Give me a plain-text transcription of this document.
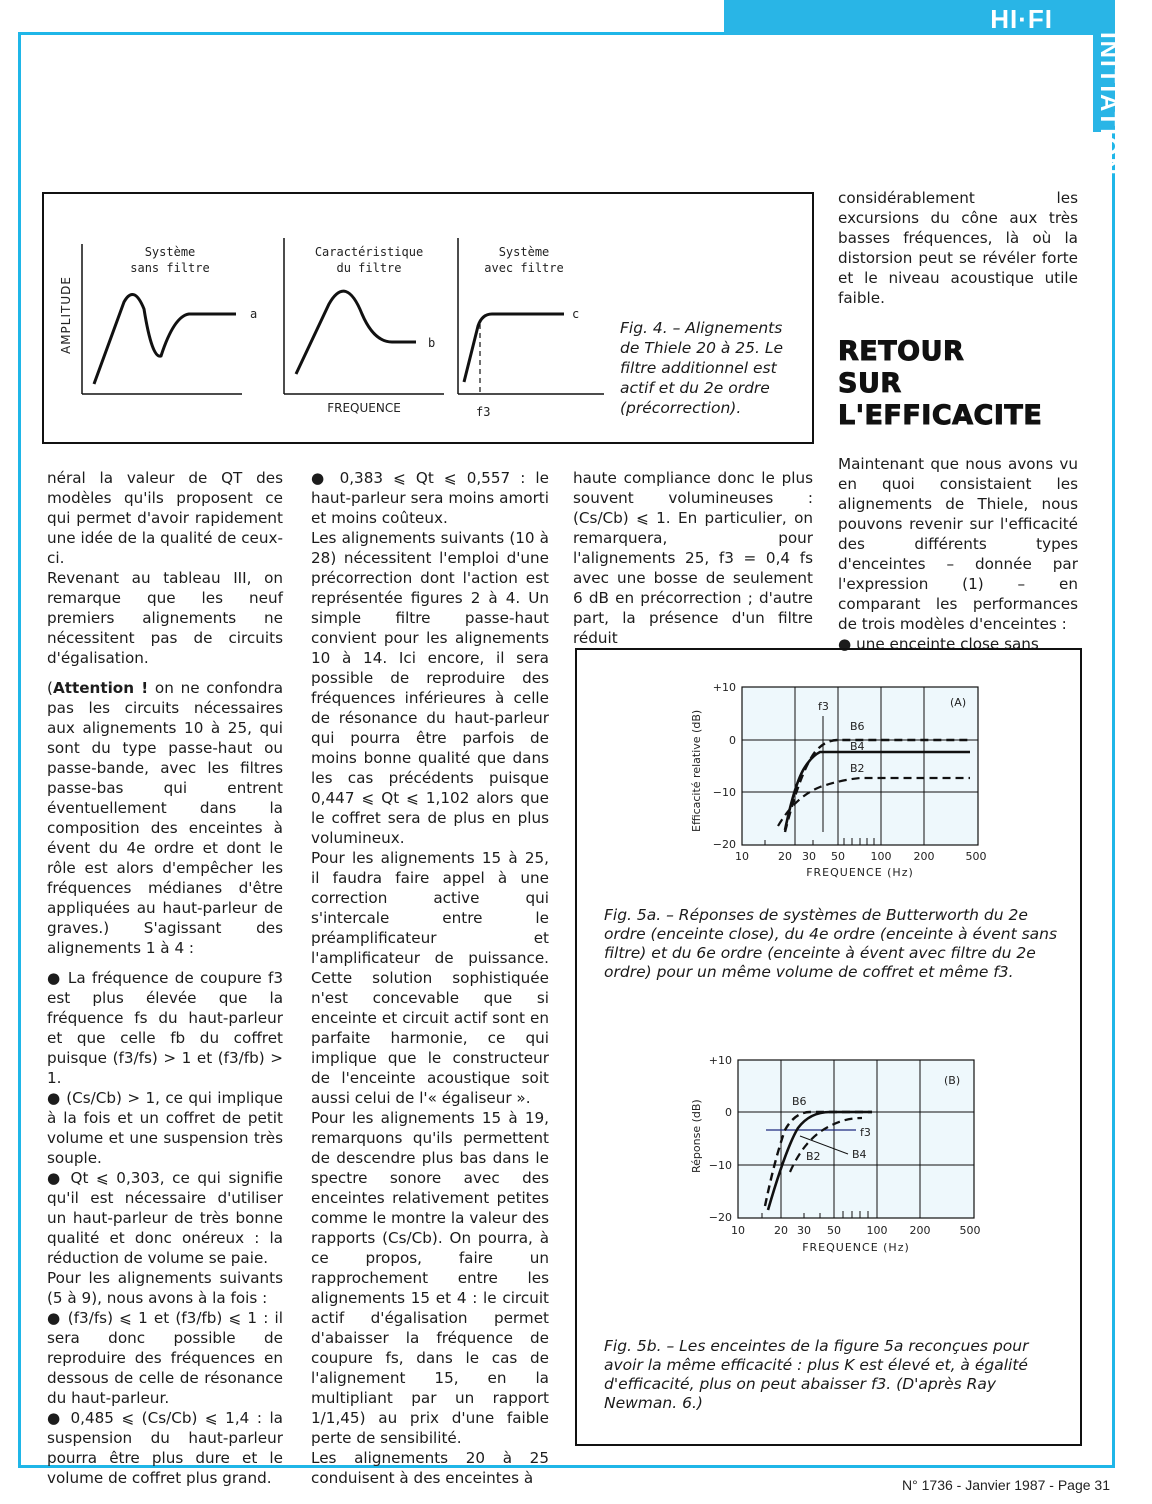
HI·FI
INITIATION
AMPLITUDE
Système
sans filtre
a
Caractéristique
du filtre
b
FREQUENCE
Système
avec filtre
c
f3
Fig. 4. – Alignements de Thiele 20 à 25. Le filtre additionnel est actif et du 2e ordre (précorrection).

néral la valeur de QT des modèles qu'ils proposent ce qui permet d'avoir rapidement une idée de la qualité de ceux-ci.

Revenant au tableau III, on remarque que les neuf premiers alignements ne nécessitent pas de circuits d'égalisation.

(Attention ! on ne confondra pas les circuits nécessaires aux alignements 10 à 25, qui sont du type passe-haut ou passe-bande, avec les filtres passe-bas qui entrent éventuellement dans la composition des enceintes à évent du 4e ordre et dont le rôle est alors d'empêcher les fréquences médianes d'être appliquées au haut-parleur de graves.) S'agissant des alignements 1 à 4 :

● La fréquence de coupure f3 est plus élevée que la fréquence fs du haut-parleur et que celle fb du coffret puisque (f3/fs) > 1 et (f3/fb) > 1.

● (Cs/Cb) > 1, ce qui implique à la fois et un coffret de petit volume et une suspension très souple.

● Qt ⩽ 0,303, ce qui signifie qu'il est nécessaire d'utiliser un haut-parleur de très bonne qualité et donc onéreux : la réduction de volume se paie.

Pour les alignements suivants (5 à 9), nous avons à la fois :

● (f3/fs) ⩽ 1 et (f3/fb) ⩽ 1 : il sera donc possible de reproduire des fréquences en dessous de celle de résonance du haut-parleur.

● 0,485 ⩽ (Cs/Cb) ⩽ 1,4 : la suspension du haut-parleur pourra être plus dure et le volume de coffret plus grand.

● 0,383 ⩽ Qt ⩽ 0,557 : le haut-parleur sera moins amorti et moins coûteux.

Les alignements suivants (10 à 28) nécessitent l'emploi d'une précorrection dont l'action est représentée figures 2 à 4. Un simple filtre passe-haut convient pour les alignements 10 à 14. Ici encore, il sera possible de reproduire des fréquences inférieures à celle de résonance du haut-parleur qui pourra être parfois de moins bonne qualité que dans les cas précédents puisque 0,447 ⩽ Qt ⩽ 1,102 alors que le coffret sera de plus en plus volumineux.

Pour les alignements 15 à 25, il faudra faire appel à une correction active qui s'intercale entre le préamplificateur et l'amplificateur de puissance. Cette solution sophistiquée n'est concevable que si enceinte et circuit actif sont en parfaite harmonie, ce qui implique que le constructeur de l'enceinte acoustique soit aussi celui de l'« égaliseur ».

Pour les alignements 15 à 19, remarquons qu'ils permettent de descendre plus bas dans le spectre sonore avec des enceintes relativement petites comme le montre la valeur des rapports (Cs/Cb). On pourra, à ce propos, faire un rapprochement entre les alignements 15 et 4 : le circuit actif d'égalisation permet d'abaisser la fréquence de coupure fs, dans le cas de l'alignement 15, en la multipliant par un rapport 1/1,45) au prix d'une faible perte de sensibilité.

Les alignements 20 à 25 conduisent à des enceintes à

haute compliance donc le plus souvent volumineuses : (Cs/Cb) ⩽ 1. En particulier, on remarquera, pour l'alignements 25, f3 = 0,4 fs avec une bosse de seulement 6 dB en précorrection ; d'autre part, la présence d'un filtre réduit

considérablement les excursions du cône aux très basses fréquences, là où la distorsion peut se révéler forte et le niveau acoustique utile faible.

RETOUR
SUR
L'EFFICACITE

Maintenant que nous avons vu en quoi consistaient les alignements de Thiele, nous pouvons revenir sur l'efficacité des différents types d'enceintes – donnée par l'expression (1) – en comparant les performances de trois modèles d'enceintes :

● une enceinte close sans

+10
0
−10
−20
10	20 30 50 100 200	500
FREQUENCE (Hz)
Efficacité relative (dB)
f3
B6
B4
B2
(A)
Fig. 5a. – Réponses de systèmes de Butterworth du 2e ordre (enceinte close), du 4e ordre (enceinte à évent sans filtre) et du 6e ordre (enceinte à évent avec filtre du 2e ordre) pour un même volume de coffret et même f3.
+10
0
−10
−20
10	20 30 50 100 200	500
FREQUENCE (Hz)
Réponse (dB)	f3
B6
B4
B2
(B)
Fig. 5b. – Les enceintes de la figure 5a reconçues pour avoir la même efficacité : plus K est élevé et, à égalité d'efficacité, plus on peut abaisser f3. (D'après Ray Newman. 6.)
N° 1736 - Janvier 1987 - Page 31
